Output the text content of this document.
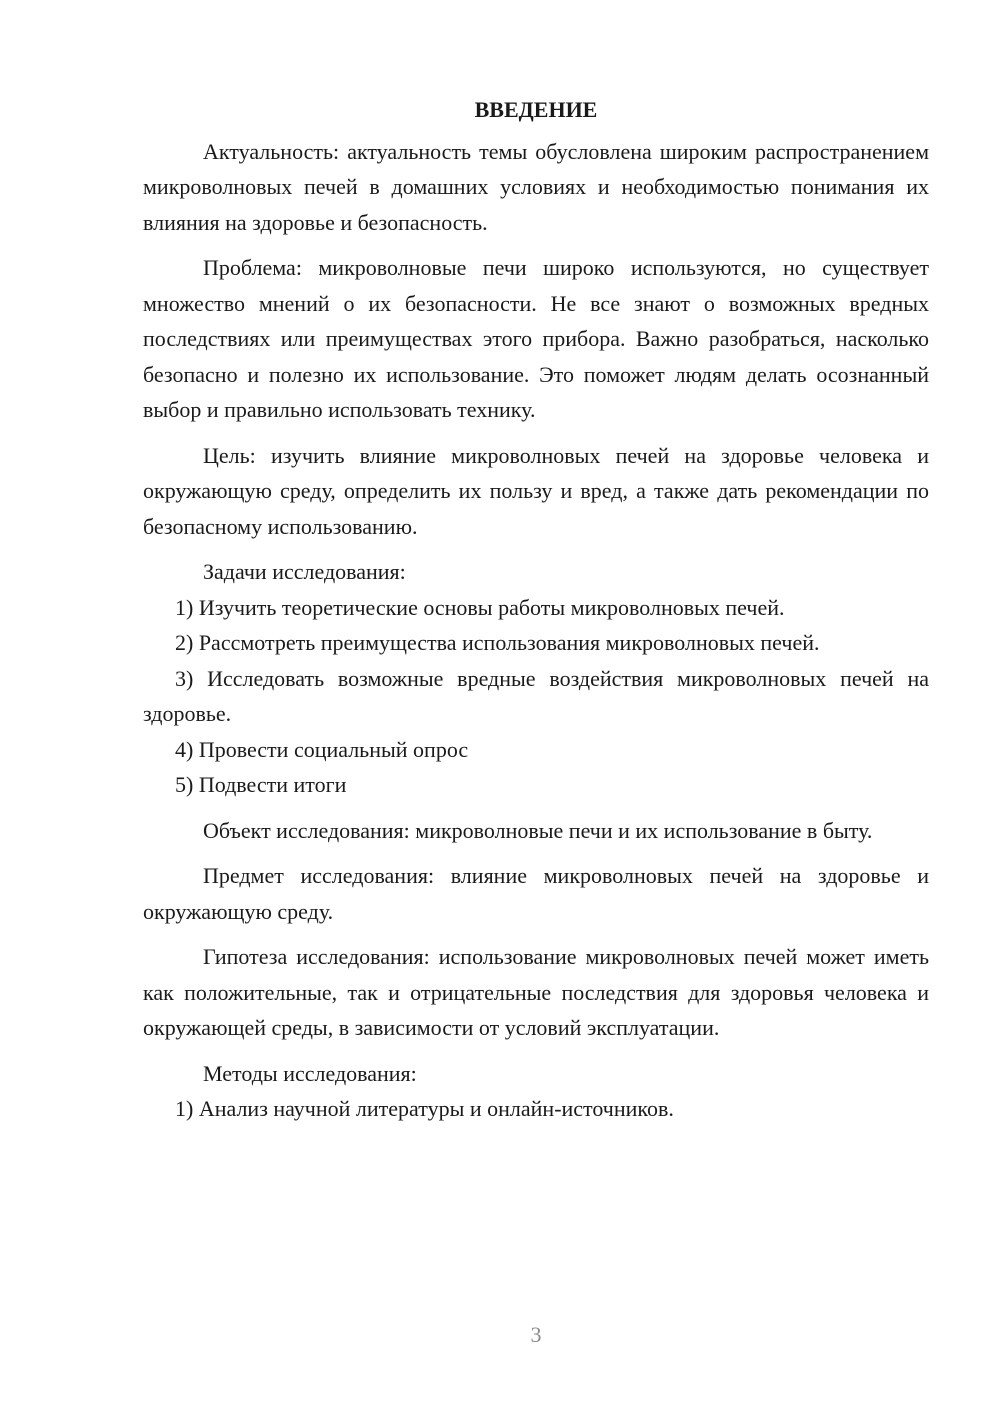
ВВЕДЕНИЕ

Актуальность: актуальность темы обусловлена широким распространением микроволновых печей в домашних условиях и необходимостью понимания их влияния на здоровье и безопасность.

Проблема: микроволновые печи широко используются, но существует множество мнений о их безопасности. Не все знают о возможных вредных последствиях или преимуществах этого прибора. Важно разобраться, насколько безопасно и полезно их использование. Это поможет людям делать осознанный выбор и правильно использовать технику.

Цель: изучить влияние микроволновых печей на здоровье человека и окружающую среду, определить их пользу и вред, а также дать рекомендации по безопасному использованию.

Задачи исследования:

1) Изучить теоретические основы работы микроволновых печей.

2) Рассмотреть преимущества использования микроволновых печей.

3) Исследовать возможные вредные воздействия микроволновых печей на здоровье.

4) Провести социальный опрос

5) Подвести итоги

Объект исследования: микроволновые печи и их использование в быту.

Предмет исследования: влияние микроволновых печей на здоровье и окружающую среду.

Гипотеза исследования: использование микроволновых печей может иметь как положительные, так и отрицательные последствия для здоровья человека и окружающей среды, в зависимости от условий эксплуатации.

Методы исследования:

1) Анализ научной литературы и онлайн-источников.

3
